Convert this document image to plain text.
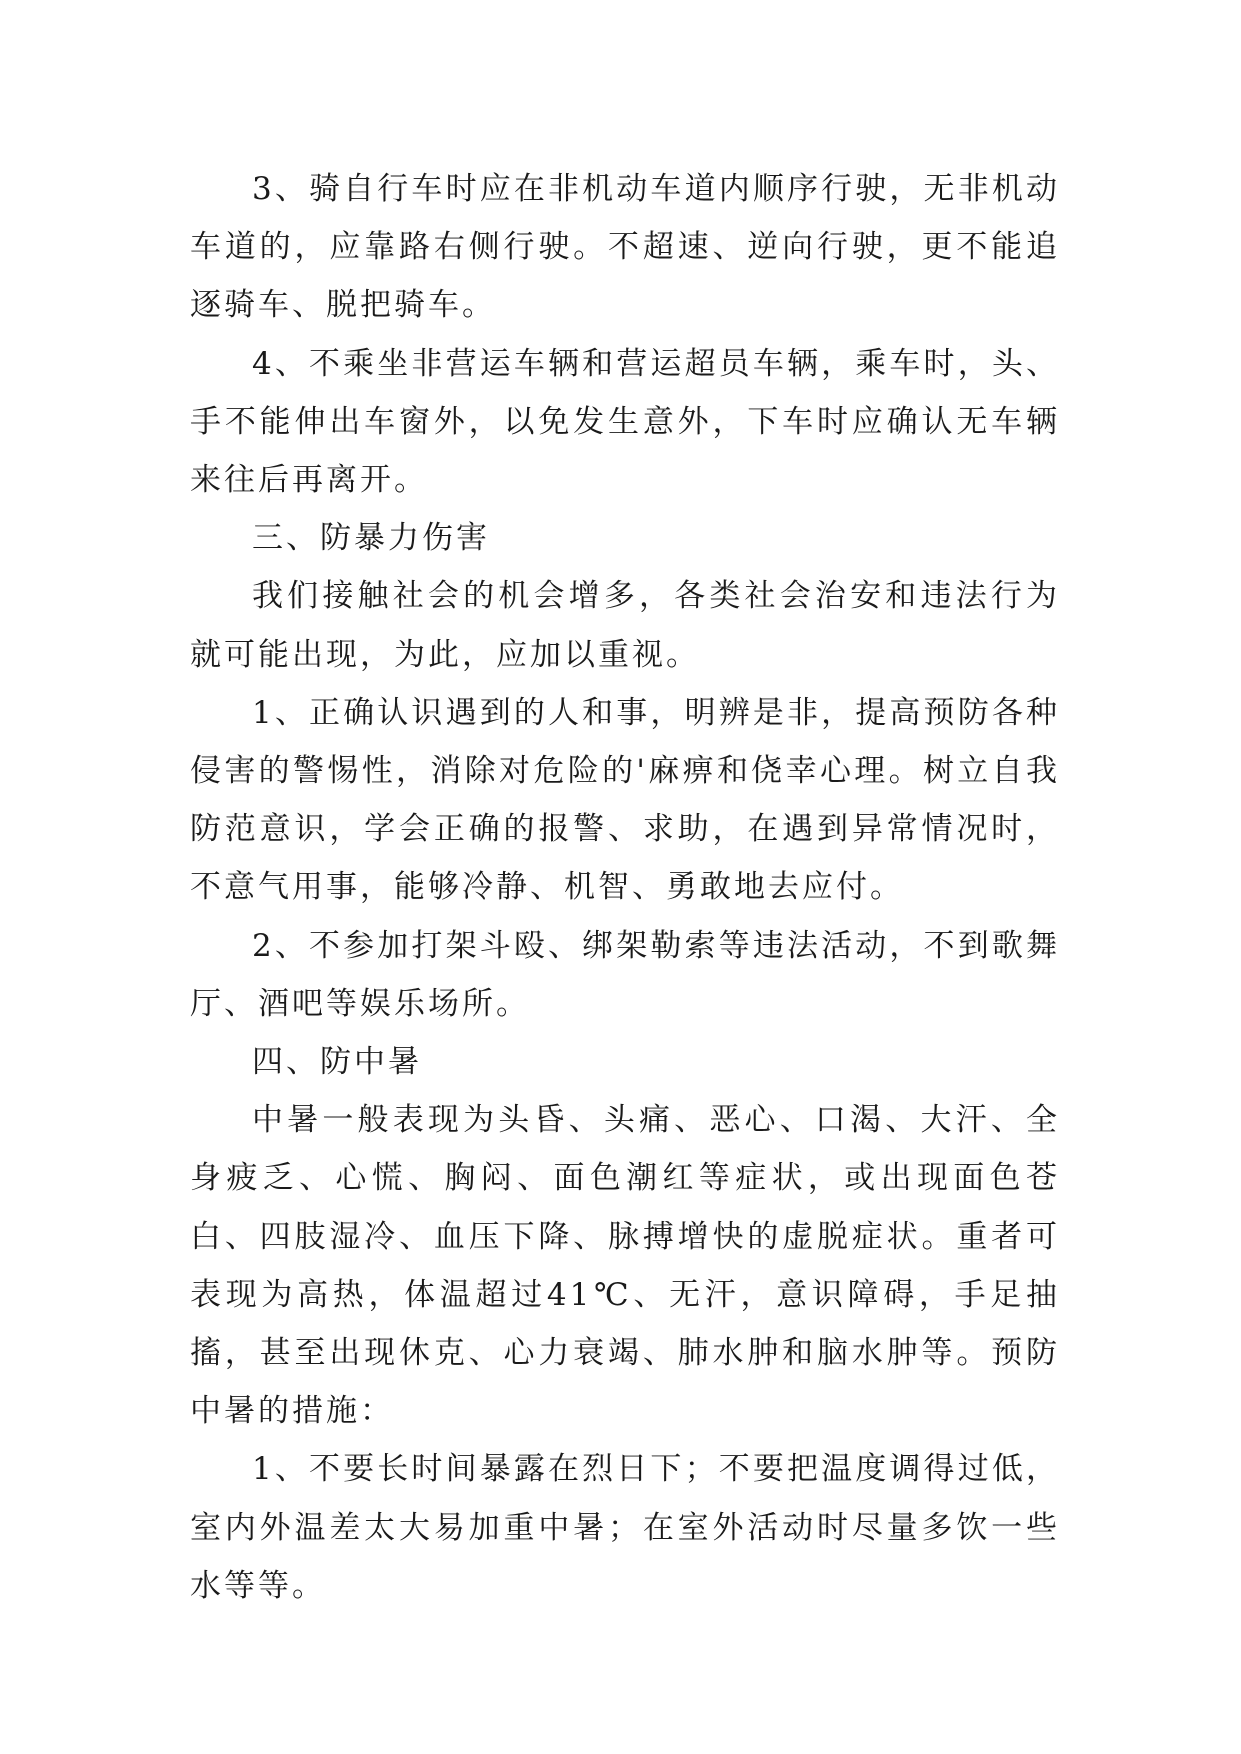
3、骑自行车时应在非机动车道内顺序行驶，无非机动车道的，应靠路右侧行驶。不超速、逆向行驶，更不能追逐骑车、脱把骑车。

4、不乘坐非营运车辆和营运超员车辆，乘车时，头、手不能伸出车窗外，以免发生意外，下车时应确认无车辆来往后再离开。

三、防暴力伤害

我们接触社会的机会增多，各类社会治安和违法行为就可能出现，为此，应加以重视。

1、正确认识遇到的人和事，明辨是非，提高预防各种侵害的警惕性，消除对危险的'麻痹和侥幸心理。树立自我防范意识，学会正确的报警、求助，在遇到异常情况时，不意气用事，能够冷静、机智、勇敢地去应付。

2、不参加打架斗殴、绑架勒索等违法活动，不到歌舞厅、酒吧等娱乐场所。

四、防中暑

中暑一般表现为头昏、头痛、恶心、口渴、大汗、全身疲乏、心慌、胸闷、面色潮红等症状，或出现面色苍白、四肢湿冷、血压下降、脉搏增快的虚脱症状。重者可表现为高热，体温超过41℃、无汗，意识障碍，手足抽搐，甚至出现休克、心力衰竭、肺水肿和脑水肿等。预防中暑的措施：

1、不要长时间暴露在烈日下；不要把温度调得过低，室内外温差太大易加重中暑；在室外活动时尽量多饮一些水等等。
